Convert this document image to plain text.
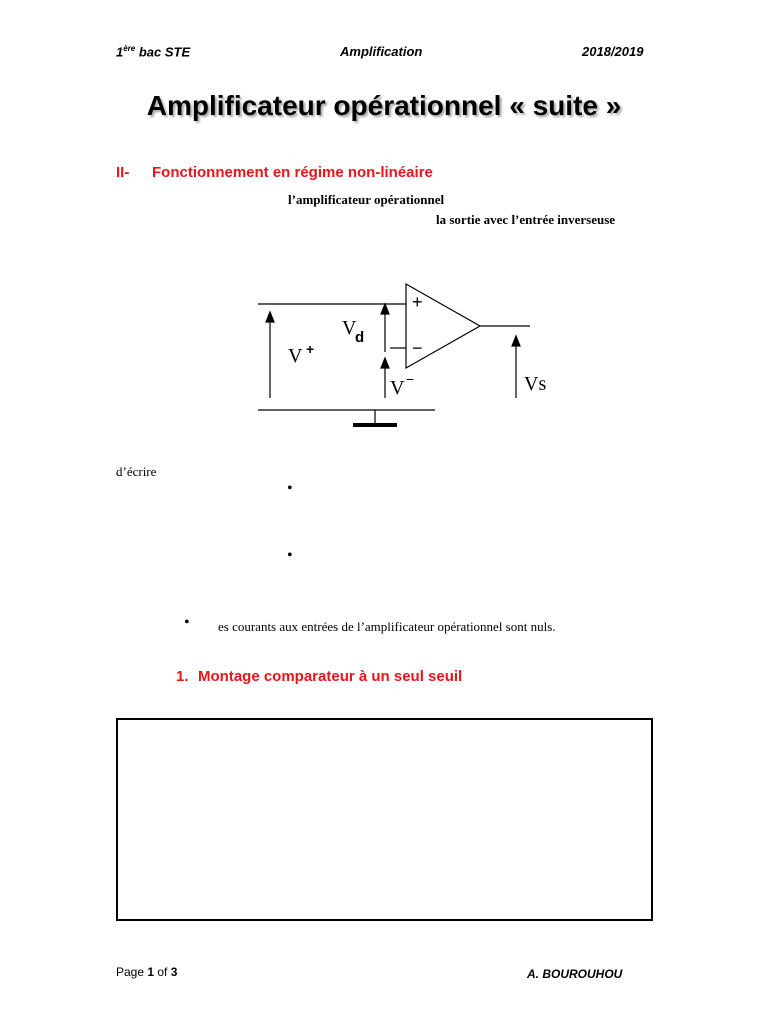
1ère bac STE	Amplification	2018/2019
Amplificateur opérationnel « suite »
II- Fonctionnement en régime non-linéaire
l’amplificateur opérationnel
la sortie avec l’entrée inverseuse
+
−
V
d
V +
V −	Vs
d’écrire
•
•
• es courants aux entrées de l’amplificateur opérationnel sont nuls.
1. Montage comparateur à un seul seuil
Page 1 of 3	A. BOUROUHOU
